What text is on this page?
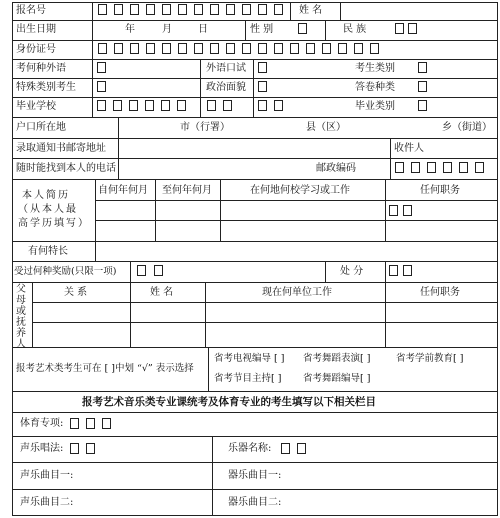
报名号	姓 名
出生日期	年	月	日	性 别	民 族
身份证号
考何种外语	外语口试	考生类别
特殊类别考生	政治面貌	答卷种类
毕业学校	毕业类别
户口所在地	市（行署）	县（区）	乡（街道）
录取通知书邮寄地址	收件人
随时能找到本人的电话	邮政编码
本人简历
（从本人最
高学历填写）
自何年何月 至何年何月	在何地何校学习或工作	任何职务
有何特长
受过何种奖励(只限一项)	处 分
父
母
或
抚
养
人
关 系	姓 名	现在何单位工作	任何职务
报考艺术类考生可在 [ ]中划 “√” 表示选择
省考电视编导 [ ] 省考舞蹈表演[ ]	省考学前教育[ ]
省考节目主持[ ] 省考舞蹈编导[ ]
报考艺术音乐类专业课统考及体育专业的考生填写以下相关栏目
体育专项:
声乐唱法:	乐器名称:
声乐曲目一:	器乐曲目一:
声乐曲目二:	器乐曲目二:
